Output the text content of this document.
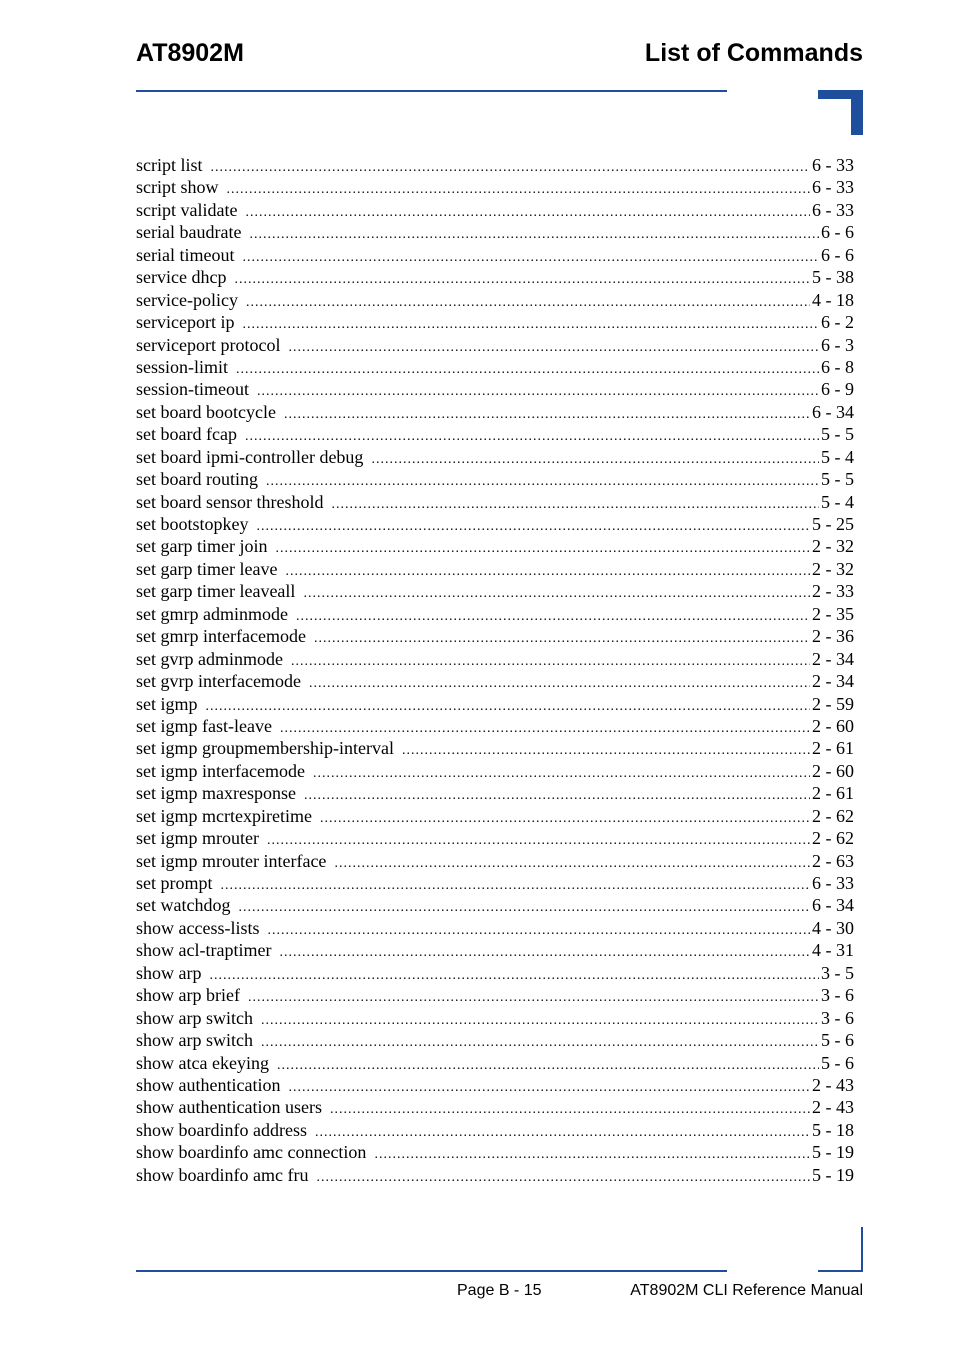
AT8902M	List of Commands
script list .....	6 - 33
script show .....	6 - 33
script validate .....	6 - 33
serial baudrate .....	6 - 6
serial timeout .....	6 - 6
service dhcp .....	5 - 38
service-policy .....	4 - 18
serviceport ip .....	6 - 2
serviceport protocol .....	6 - 3
session-limit .....	6 - 8
session-timeout .....	6 - 9
set board bootcycle .....	6 - 34
set board fcap .....	5 - 5
set board ipmi-controller debug .....	5 - 4
set board routing .....	5 - 5
set board sensor threshold .....	5 - 4
set bootstopkey .....	5 - 25
set garp timer join .....	2 - 32
set garp timer leave .....	2 - 32
set garp timer leaveall .....	2 - 33
set gmrp adminmode .....	2 - 35
set gmrp interfacemode .....	2 - 36
set gvrp adminmode .....	2 - 34
set gvrp interfacemode .....	2 - 34
set igmp .....	2 - 59
set igmp fast-leave .....	2 - 60
set igmp groupmembership-interval .....	2 - 61
set igmp interfacemode .....	2 - 60
set igmp maxresponse .....	2 - 61
set igmp mcrtexpiretime .....	2 - 62
set igmp mrouter .....	2 - 62
set igmp mrouter interface .....	2 - 63
set prompt .....	6 - 33
set watchdog .....	6 - 34
show access-lists .....	4 - 30
show acl-traptimer .....	4 - 31
show arp .....	3 - 5
show arp brief .....	3 - 6
show arp switch .....	3 - 6
show arp switch .....	5 - 6
show atca ekeying .....	5 - 6
show authentication .....	2 - 43
show authentication users .....	2 - 43
show boardinfo address .....	5 - 18
show boardinfo amc connection .....	5 - 19
show boardinfo amc fru .....	5 - 19
Page B - 15	AT8902M CLI Reference Manual
